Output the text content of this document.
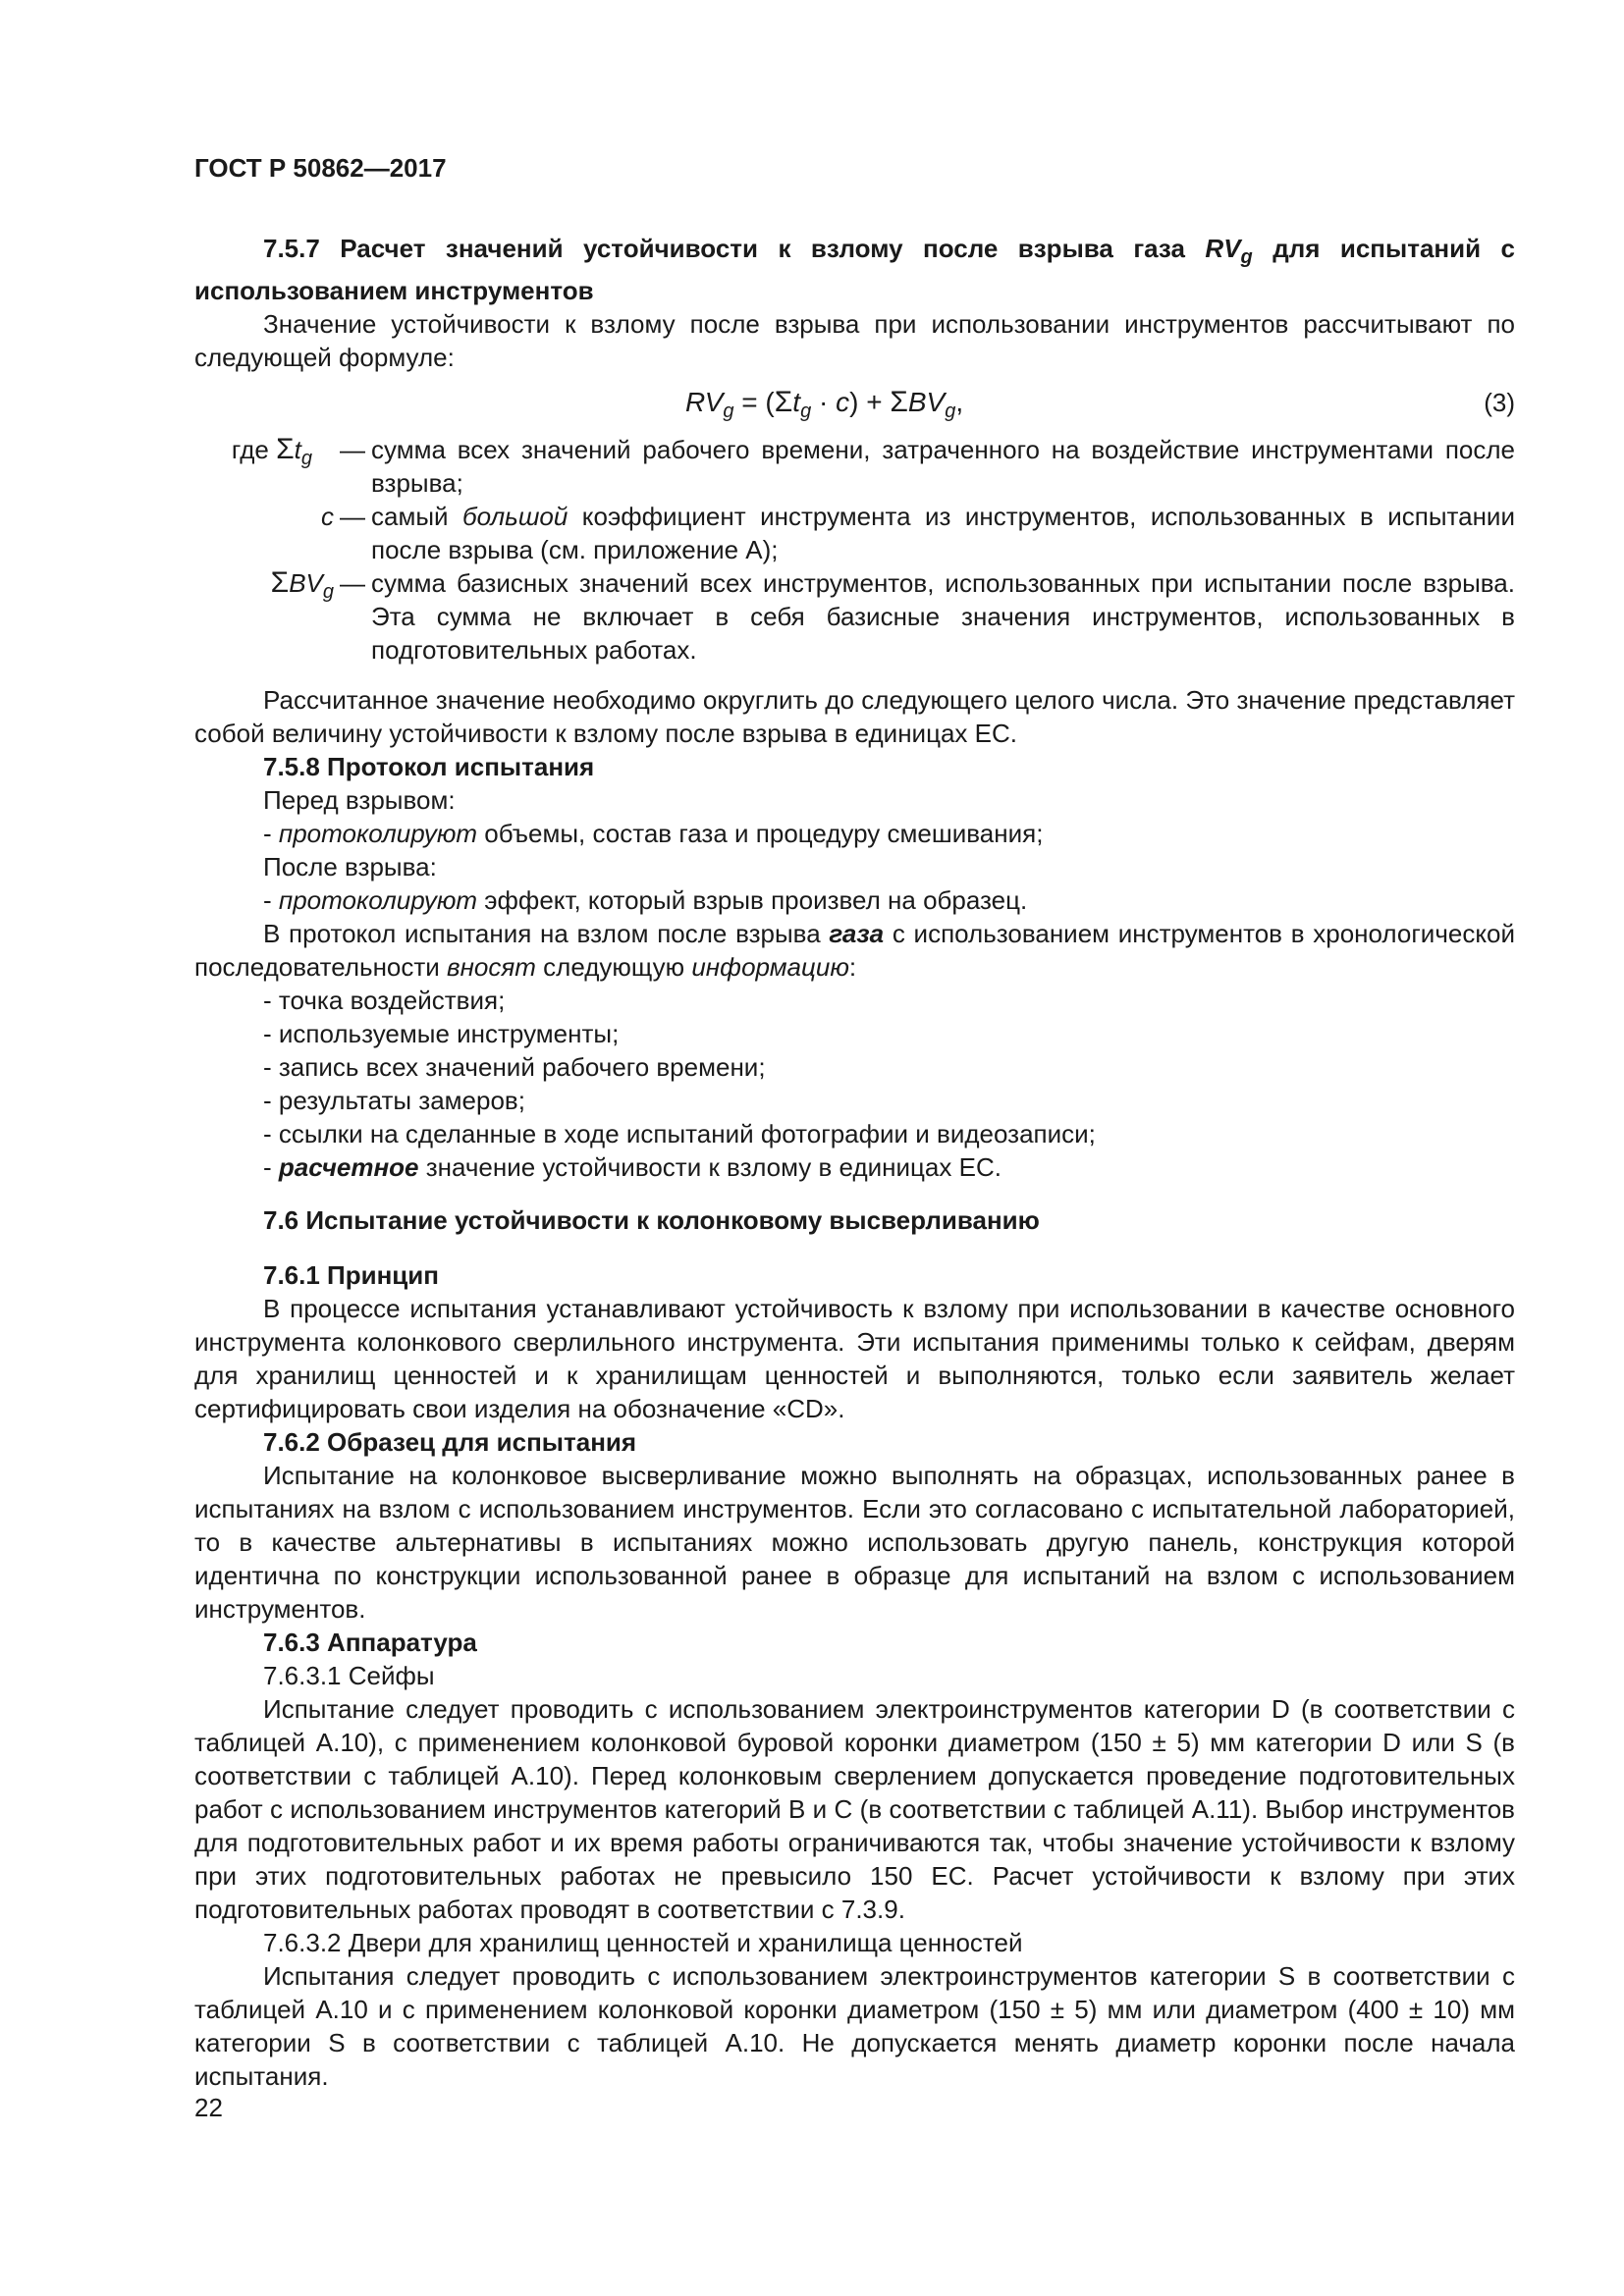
ГОСТ Р 50862—2017

7.5.7 Расчет значений устойчивости к взлому после взрыва газа $RV_g$ для испытаний с использованием инструментов

Значение устойчивости к взлому после взрыва при использовании инструментов рассчитывают по следующей формуле:

$RV_g = (\Sigma t_g \cdot c) + \Sigma BV_g$,	(3)
где $\Sigma t_g$	—	сумма всех значений рабочего времени, затраченного на воздействие инструментами после взрыва;
c	—	самый большой коэффициент инструмента из инструментов, использованных в испытании после взрыва (см. приложение А);
$\Sigma BV_g$	—	сумма базисных значений всех инструментов, использованных при испытании после взрыва. Эта сумма не включает в себя базисные значения инструментов, использованных в подготовительных работах.

Рассчитанное значение необходимо округлить до следующего целого числа. Это значение представляет собой величину устойчивости к взлому после взрыва в единицах ЕС.

7.5.8 Протокол испытания

Перед взрывом:

- протоколируют объемы, состав газа и процедуру смешивания;

После взрыва:

- протоколируют эффект, который взрыв произвел на образец.

В протокол испытания на взлом после взрыва газа с использованием инструментов в хронологической последовательности вносят следующую информацию:

- точка воздействия;

- используемые инструменты;

- запись всех значений рабочего времени;

- результаты замеров;

- ссылки на сделанные в ходе испытаний фотографии и видеозаписи;

- расчетное значение устойчивости к взлому в единицах ЕС.

7.6 Испытание устойчивости к колонковому высверливанию

7.6.1 Принцип

В процессе испытания устанавливают устойчивость к взлому при использовании в качестве основного инструмента колонкового сверлильного инструмента. Эти испытания применимы только к сейфам, дверям для хранилищ ценностей и к хранилищам ценностей и выполняются, только если заявитель желает сертифицировать свои изделия на обозначение «CD».

7.6.2 Образец для испытания

Испытание на колонковое высверливание можно выполнять на образцах, использованных ранее в испытаниях на взлом с использованием инструментов. Если это согласовано с испытательной лабораторией, то в качестве альтернативы в испытаниях можно использовать другую панель, конструкция которой идентична по конструкции использованной ранее в образце для испытаний на взлом с использованием инструментов.

7.6.3 Аппаратура

7.6.3.1 Сейфы

Испытание следует проводить с использованием электроинструментов категории D (в соответствии с таблицей А.10), с применением колонковой буровой коронки диаметром (150 ± 5) мм категории D или S (в соответствии с таблицей А.10). Перед колонковым сверлением допускается проведение подготовительных работ с использованием инструментов категорий В и С (в соответствии с таблицей А.11). Выбор инструментов для подготовительных работ и их время работы ограничиваются так, чтобы значение устойчивости к взлому при этих подготовительных работах не превысило 150 ЕС. Расчет устойчивости к взлому при этих подготовительных работах проводят в соответствии с 7.3.9.

7.6.3.2 Двери для хранилищ ценностей и хранилища ценностей

Испытания следует проводить с использованием электроинструментов категории S в соответствии с таблицей А.10 и с применением колонковой коронки диаметром (150 ± 5) мм или диаметром (400 ± 10) мм категории S в соответствии с таблицей А.10. Не допускается менять диаметр коронки после начала испытания.

22
